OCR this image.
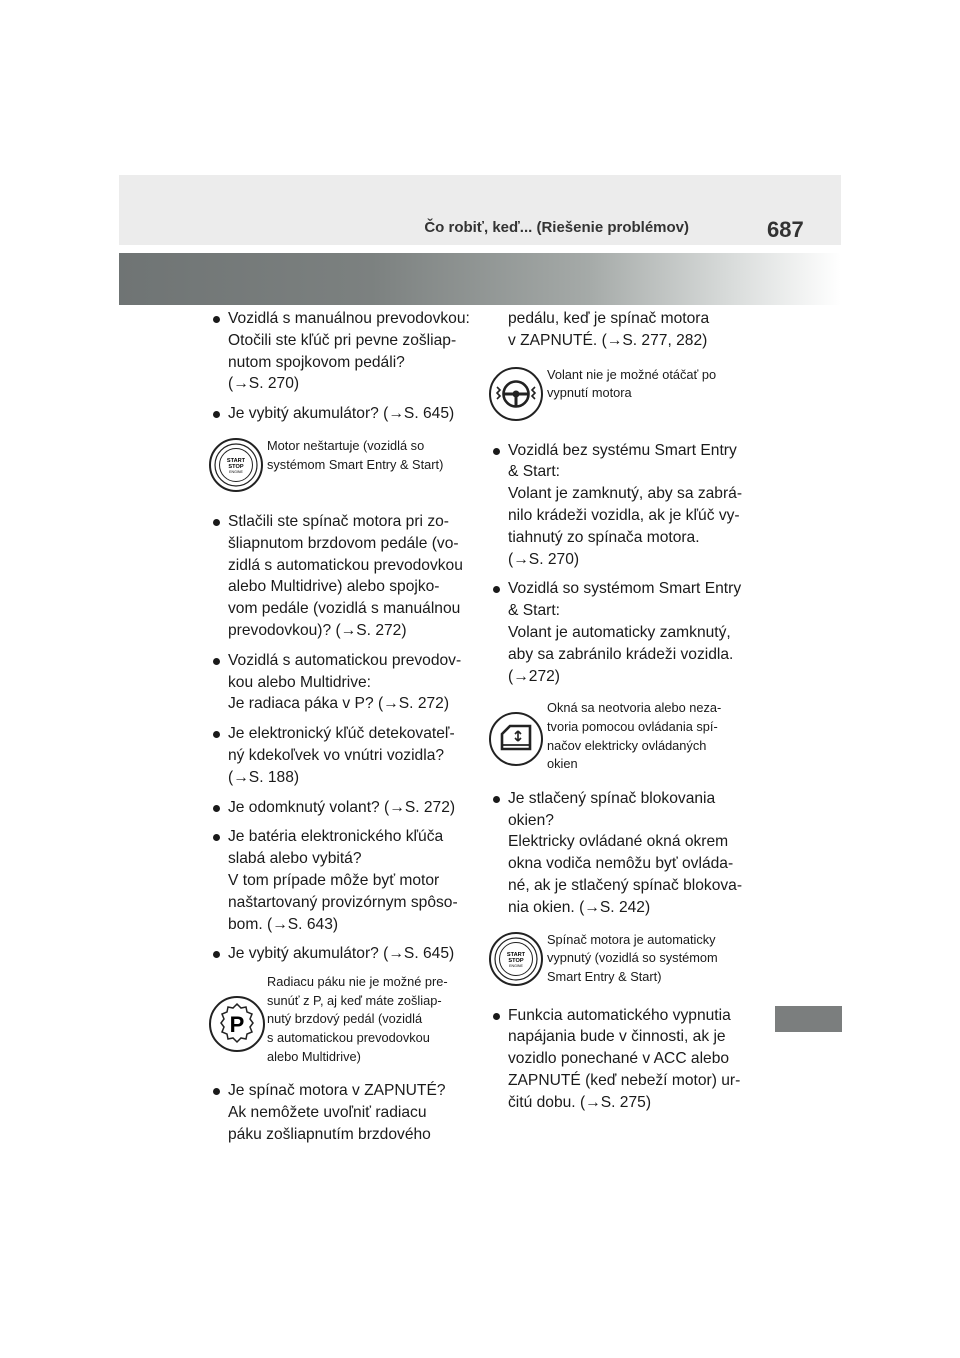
Čo robiť, keď... (Riešenie problémov)	687
Vozidlá s manuálnou prevodovkou:
Otočili ste kľúč pri pevne zošliap-
nutom spojkovom pedáli?
(→S. 270)
Je vybitý akumulátor? (→S. 645)
START
STOP
ENGINE
Motor neštartuje (vozidlá so
systémom Smart Entry & Start)
Stlačili ste spínač motora pri zo-
šliapnutom brzdovom pedále (vo-
zidlá s automatickou prevodovkou
alebo Multidrive) alebo spojko-
vom pedále (vozidlá s manuálnou
prevodovkou)? (→S. 272)
Vozidlá s automatickou prevodov-
kou alebo Multidrive:
Je radiaca páka v P? (→S. 272)
Je elektronický kľúč detekovateľ-
ný kdekoľvek vo vnútri vozidla?
(→S. 188)
Je odomknutý volant? (→S. 272)
Je batéria elektronického kľúča
slabá alebo vybitá?
V tom prípade môže byť motor
naštartovaný provizórnym spôso-
bom. (→S. 643)
Je vybitý akumulátor? (→S. 645)
P
Radiacu páku nie je možné pre-
sunúť z P, aj keď máte zošliap-
nutý brzdový pedál (vozidlá
s automatickou prevodovkou
alebo Multidrive)
Je spínač motora v ZAPNUTÉ?
Ak nemôžete uvoľniť radiacu
páku zošliapnutím brzdového
pedálu, keď je spínač motora
v ZAPNUTÉ. (→S. 277, 282)
Volant nie je možné otáčať po
vypnutí motora
Vozidlá bez systému Smart Entry
& Start:
Volant je zamknutý, aby sa zabrá-
nilo krádeži vozidla, ak je kľúč vy-
tiahnutý zo spínača motora.
(→S. 270)
Vozidlá so systémom Smart Entry
& Start:
Volant je automaticky zamknutý,
aby sa zabránilo krádeži vozidla.
(→272)
Okná sa neotvoria alebo neza-
tvoria pomocou ovládania spí-
načov elektricky ovládaných
okien
Je stlačený spínač blokovania
okien?
Elektricky ovládané okná okrem
okna vodiča nemôžu byť ovláda-
né, ak je stlačený spínač blokova-
nia okien. (→S. 242)
START
STOP
ENGINE
Spínač motora je automaticky
vypnutý (vozidlá so systémom
Smart Entry & Start)
Funkcia automatického vypnutia
napájania bude v činnosti, ak je
vozidlo ponechané v ACC alebo
ZAPNUTÉ (keď nebeží motor) ur-
čitú dobu. (→S. 275)
